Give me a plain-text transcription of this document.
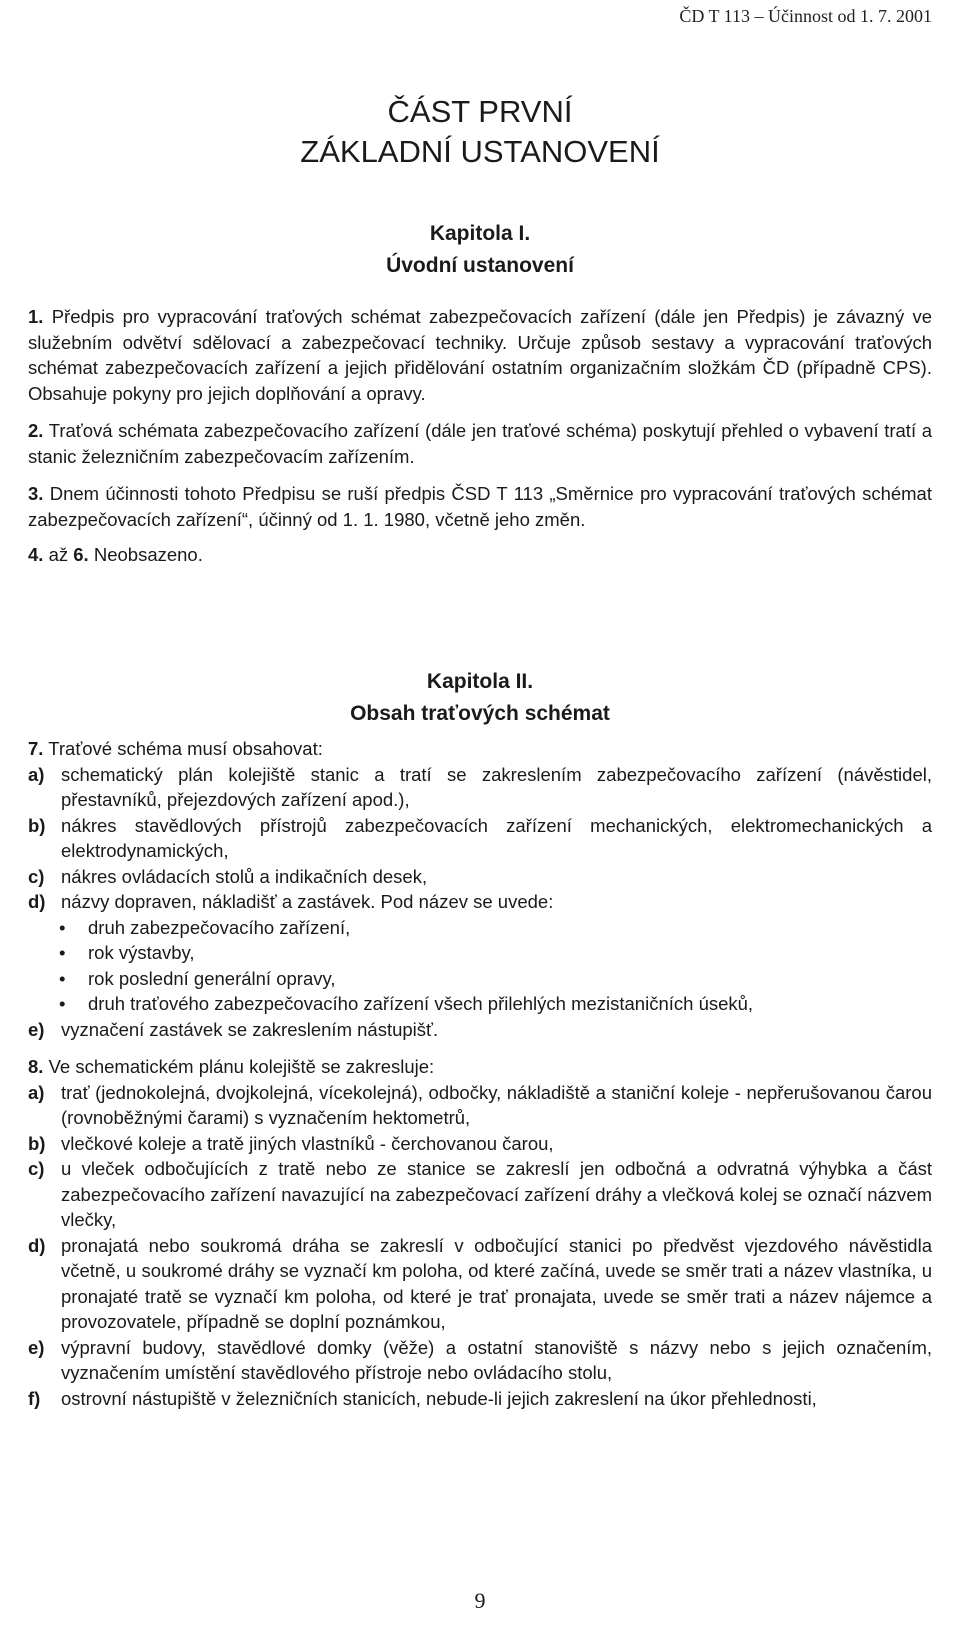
ČD T 113 – Účinnost od 1. 7. 2001
ČÁST PRVNÍ
ZÁKLADNÍ USTANOVENÍ
Kapitola I.
Úvodní ustanovení

1. Předpis pro vypracování traťových schémat zabezpečovacích zařízení (dále jen Předpis) je závazný ve služebním odvětví sdělovací a zabezpečovací techniky. Určuje způsob sestavy a vypracování traťových schémat zabezpečovacích zařízení a jejich přidělování ostatním organizačním složkám ČD (případně CPS). Obsahuje pokyny pro jejich doplňování a opravy.

2. Traťová schémata zabezpečovacího zařízení (dále jen traťové schéma) poskytují přehled o vybavení tratí a stanic železničním zabezpečovacím zařízením.

3. Dnem účinnosti tohoto Předpisu se ruší předpis ČSD T 113 „Směrnice pro vypracování traťových schémat zabezpečovacích zařízení“, účinný od 1. 1. 1980, včetně jeho změn.

4. až 6. Neobsazeno.

Kapitola II.
Obsah traťových schémat

7. Traťové schéma musí obsahovat:

a) schematický plán kolejiště stanic a tratí se zakreslením zabezpečovacího zařízení (návěstidel, přestavníků, přejezdových zařízení apod.),
b) nákres stavědlových přístrojů zabezpečovacích zařízení mechanických, elektromechanických a elektrodynamických,
c) nákres ovládacích stolů a indikačních desek,
d) názvy dopraven, nákladišť a zastávek. Pod název se uvede:
• druh zabezpečovacího zařízení,
• rok výstavby,
• rok poslední generální opravy,
• druh traťového zabezpečovacího zařízení všech přilehlých mezistaničních úseků,
e) vyznačení zastávek se zakreslením nástupišť.

8. Ve schematickém plánu kolejiště se zakresluje:

a) trať (jednokolejná, dvojkolejná, vícekolejná), odbočky, nákladiště a staniční koleje - nepřerušovanou čarou (rovnoběžnými čarami) s vyznačením hektometrů,
b) vlečkové koleje a tratě jiných vlastníků - čerchovanou čarou,
c) u vleček odbočujících z tratě nebo ze stanice se zakreslí jen odbočná a odvratná výhybka a část zabezpečovacího zařízení navazující na zabezpečovací zařízení dráhy a vlečková kolej se označí názvem vlečky,
d) pronajatá nebo soukromá dráha se zakreslí v odbočující stanici po předvěst vjezdového návěstidla včetně, u soukromé dráhy se vyznačí km poloha, od které začíná, uvede se směr trati a název vlastníka, u pronajaté tratě se vyznačí km poloha, od které je trať pronajata, uvede se směr trati a název nájemce a provozovatele, případně se doplní poznámkou,
e) výpravní budovy, stavědlové domky (věže) a ostatní stanoviště s názvy nebo s jejich označením, vyznačením umístění stavědlového přístroje nebo ovládacího stolu,
f) ostrovní nástupiště v železničních stanicích, nebude-li jejich zakreslení na úkor přehlednosti,
9
